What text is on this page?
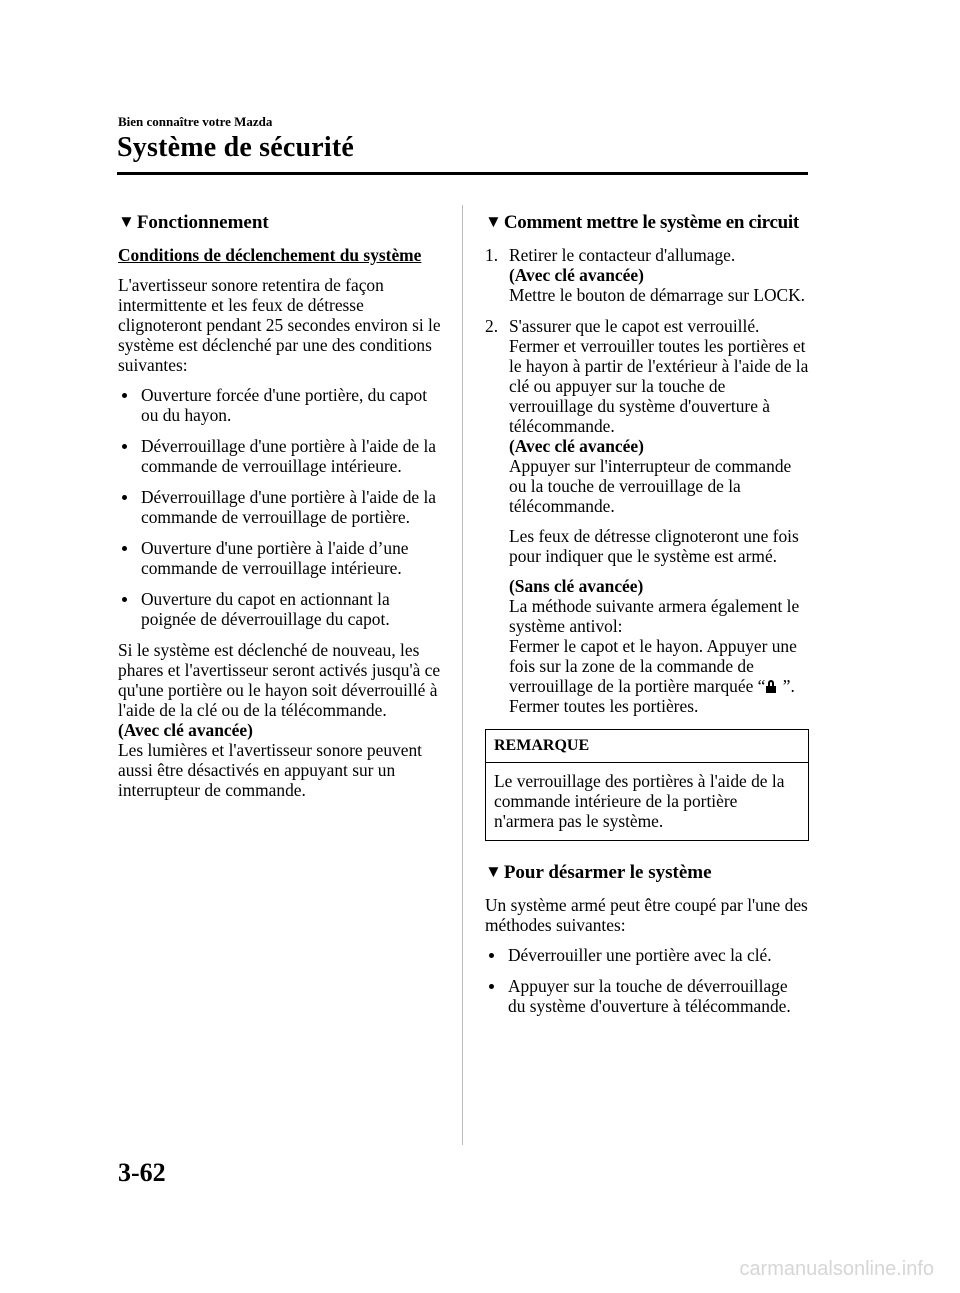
Bien connaître votre Mazda
Système de sécurité
▼ Fonctionnement
Conditions de déclenchement du système

L'avertisseur sonore retentira de façon intermittente et les feux de détresse clignoteront pendant 25 secondes environ si le système est déclenché par une des conditions suivantes:

Ouverture forcée d'une portière, du capot ou du hayon.
Déverrouillage d'une portière à l'aide de la commande de verrouillage intérieure.
Déverrouillage d'une portière à l'aide de la commande de verrouillage de portière.
Ouverture d'une portière à l'aide d’une commande de verrouillage intérieure.
Ouverture du capot en actionnant la poignée de déverrouillage du capot.

Si le système est déclenché de nouveau, les phares et l'avertisseur seront activés jusqu'à ce qu'une portière ou le hayon soit déverrouillé à l'aide de la clé ou de la télécommande.
(Avec clé avancée)
Les lumières et l'avertisseur sonore peuvent aussi être désactivés en appuyant sur un interrupteur de commande.

▼ Comment mettre le système en circuit
1. Retirer le contacteur d'allumage.
(Avec clé avancée)
Mettre le bouton de démarrage sur LOCK.
2. S'assurer que le capot est verrouillé. Fermer et verrouiller toutes les portières et le hayon à partir de l'extérieur à l'aide de la clé ou appuyer sur la touche de verrouillage du système d'ouverture à télécommande.
(Avec clé avancée)
Appuyer sur l'interrupteur de commande ou la touche de verrouillage de la télécommande.

Les feux de détresse clignoteront une fois pour indiquer que le système est armé.

(Sans clé avancée)
La méthode suivante armera également le système antivol:
Fermer le capot et le hayon. Appuyer une fois sur la zone de la commande de verrouillage de la portière marquée “
”. Fermer toutes les portières.

REMARQUE
Le verrouillage des portières à l'aide de la commande intérieure de la portière n'armera pas le système.
▼ Pour désarmer le système

Un système armé peut être coupé par l'une des méthodes suivantes:

Déverrouiller une portière avec la clé.
Appuyer sur la touche de déverrouillage du système d'ouverture à télécommande.
3-62
carmanualsonline.info
